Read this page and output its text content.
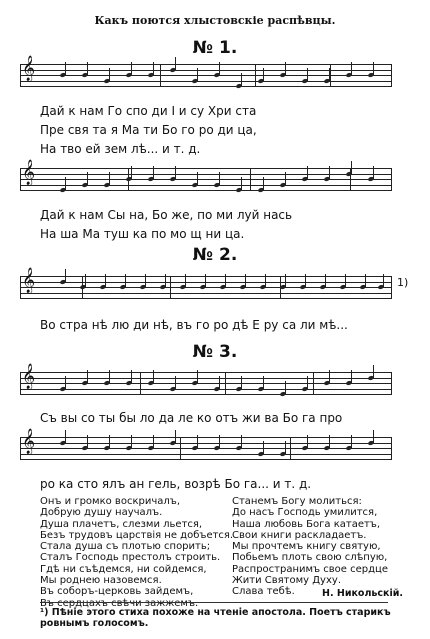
Какъ поются хлыстовскіе распѣвцы.
№ 1.
𝄞
Дай к нам Го спо ди І и су Хри ста
Пре свя та я Ма ти Бо го ро ди ца,
На тво ей зем лѣ... и т. д.
𝄞
Дай к нам Сы на, Бо же, по ми луй нась
На ша Ма туш ка по мо щ ни ца.
№ 2.
𝄞	1)
Во стра нѣ лю ди нѣ, въ го ро дѣ Е ру са ли мѣ...
№ 3.
𝄞
Съ вы со ты бы ло да ле ко отъ жи ва Бо га про
𝄞
ро ка сто ялъ ан гель, возрѣ Бо га... и т. д.
Онъ и громко воскричалъ,
Добрую душу научалъ.
Душа плачетъ, слезми льется,
Безъ трудовъ царствія не добъется.
Стала душа съ плотью спорить;
Сталъ Господь престолъ строить.
Гдѣ ни съѣдемся, ни сойдемся,
Мы роднею назовемся.
Въ соборъ-церковь зайдемъ,
Въ сердцахъ свѣчи зажжемъ.
Станемъ Богу молиться:
До насъ Господь умилится,
Наша любовь Бога катаетъ,
Свои книги раскладаетъ.
Мы прочтемъ книгу святую,
Побьемъ плоть свою слѣпую,
Распространимъ свое сердце
Жити Святому Духу.
Слава тебѣ.	Н. Никольскій.
¹) Пѣніе этого стиха похоже на чтеніе апостола. Поетъ старикъ
ровнымъ голосомъ.
